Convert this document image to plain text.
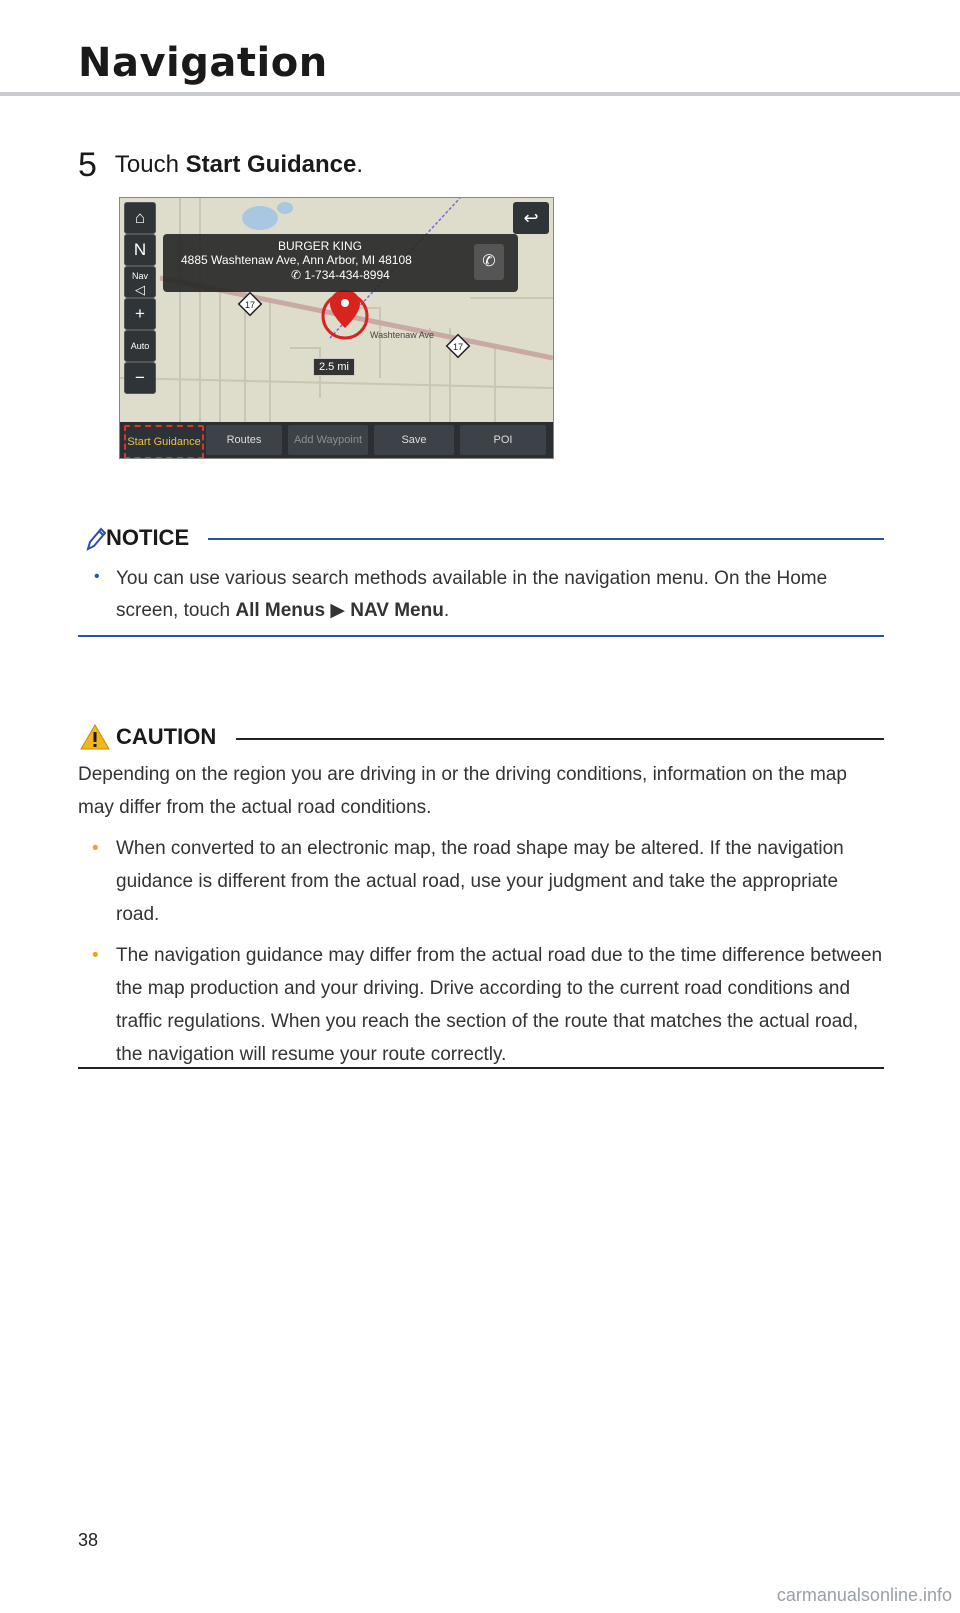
Navigation
5 Touch Start Guidance.
17
17
Washtenaw Ave
⌂
N
Nav
◁
+
Auto
−
↩
BURGER KING
4885 Washtenaw Ave, Ann Arbor, MI 48108
✆ 1-734-434-8994
✆
2.5 mi
Start Guidance	Routes	Add Waypoint	Save	POI
NOTICE
• You can use various search methods available in the navigation menu. On the Home screen, touch All Menus ▶ NAV Menu.
CAUTION
Depending on the region you are driving in or the driving conditions, information on the map may differ from the actual road conditions.
• When converted to an electronic map, the road shape may be altered. If the navigation guidance is different from the actual road, use your judgment and take the appropriate road.
• The navigation guidance may differ from the actual road due to the time difference between the map production and your driving. Drive according to the current road conditions and traffic regulations. When you reach the section of the route that matches the actual road, the navigation will resume your route correctly.
38
carmanualsonline.info
